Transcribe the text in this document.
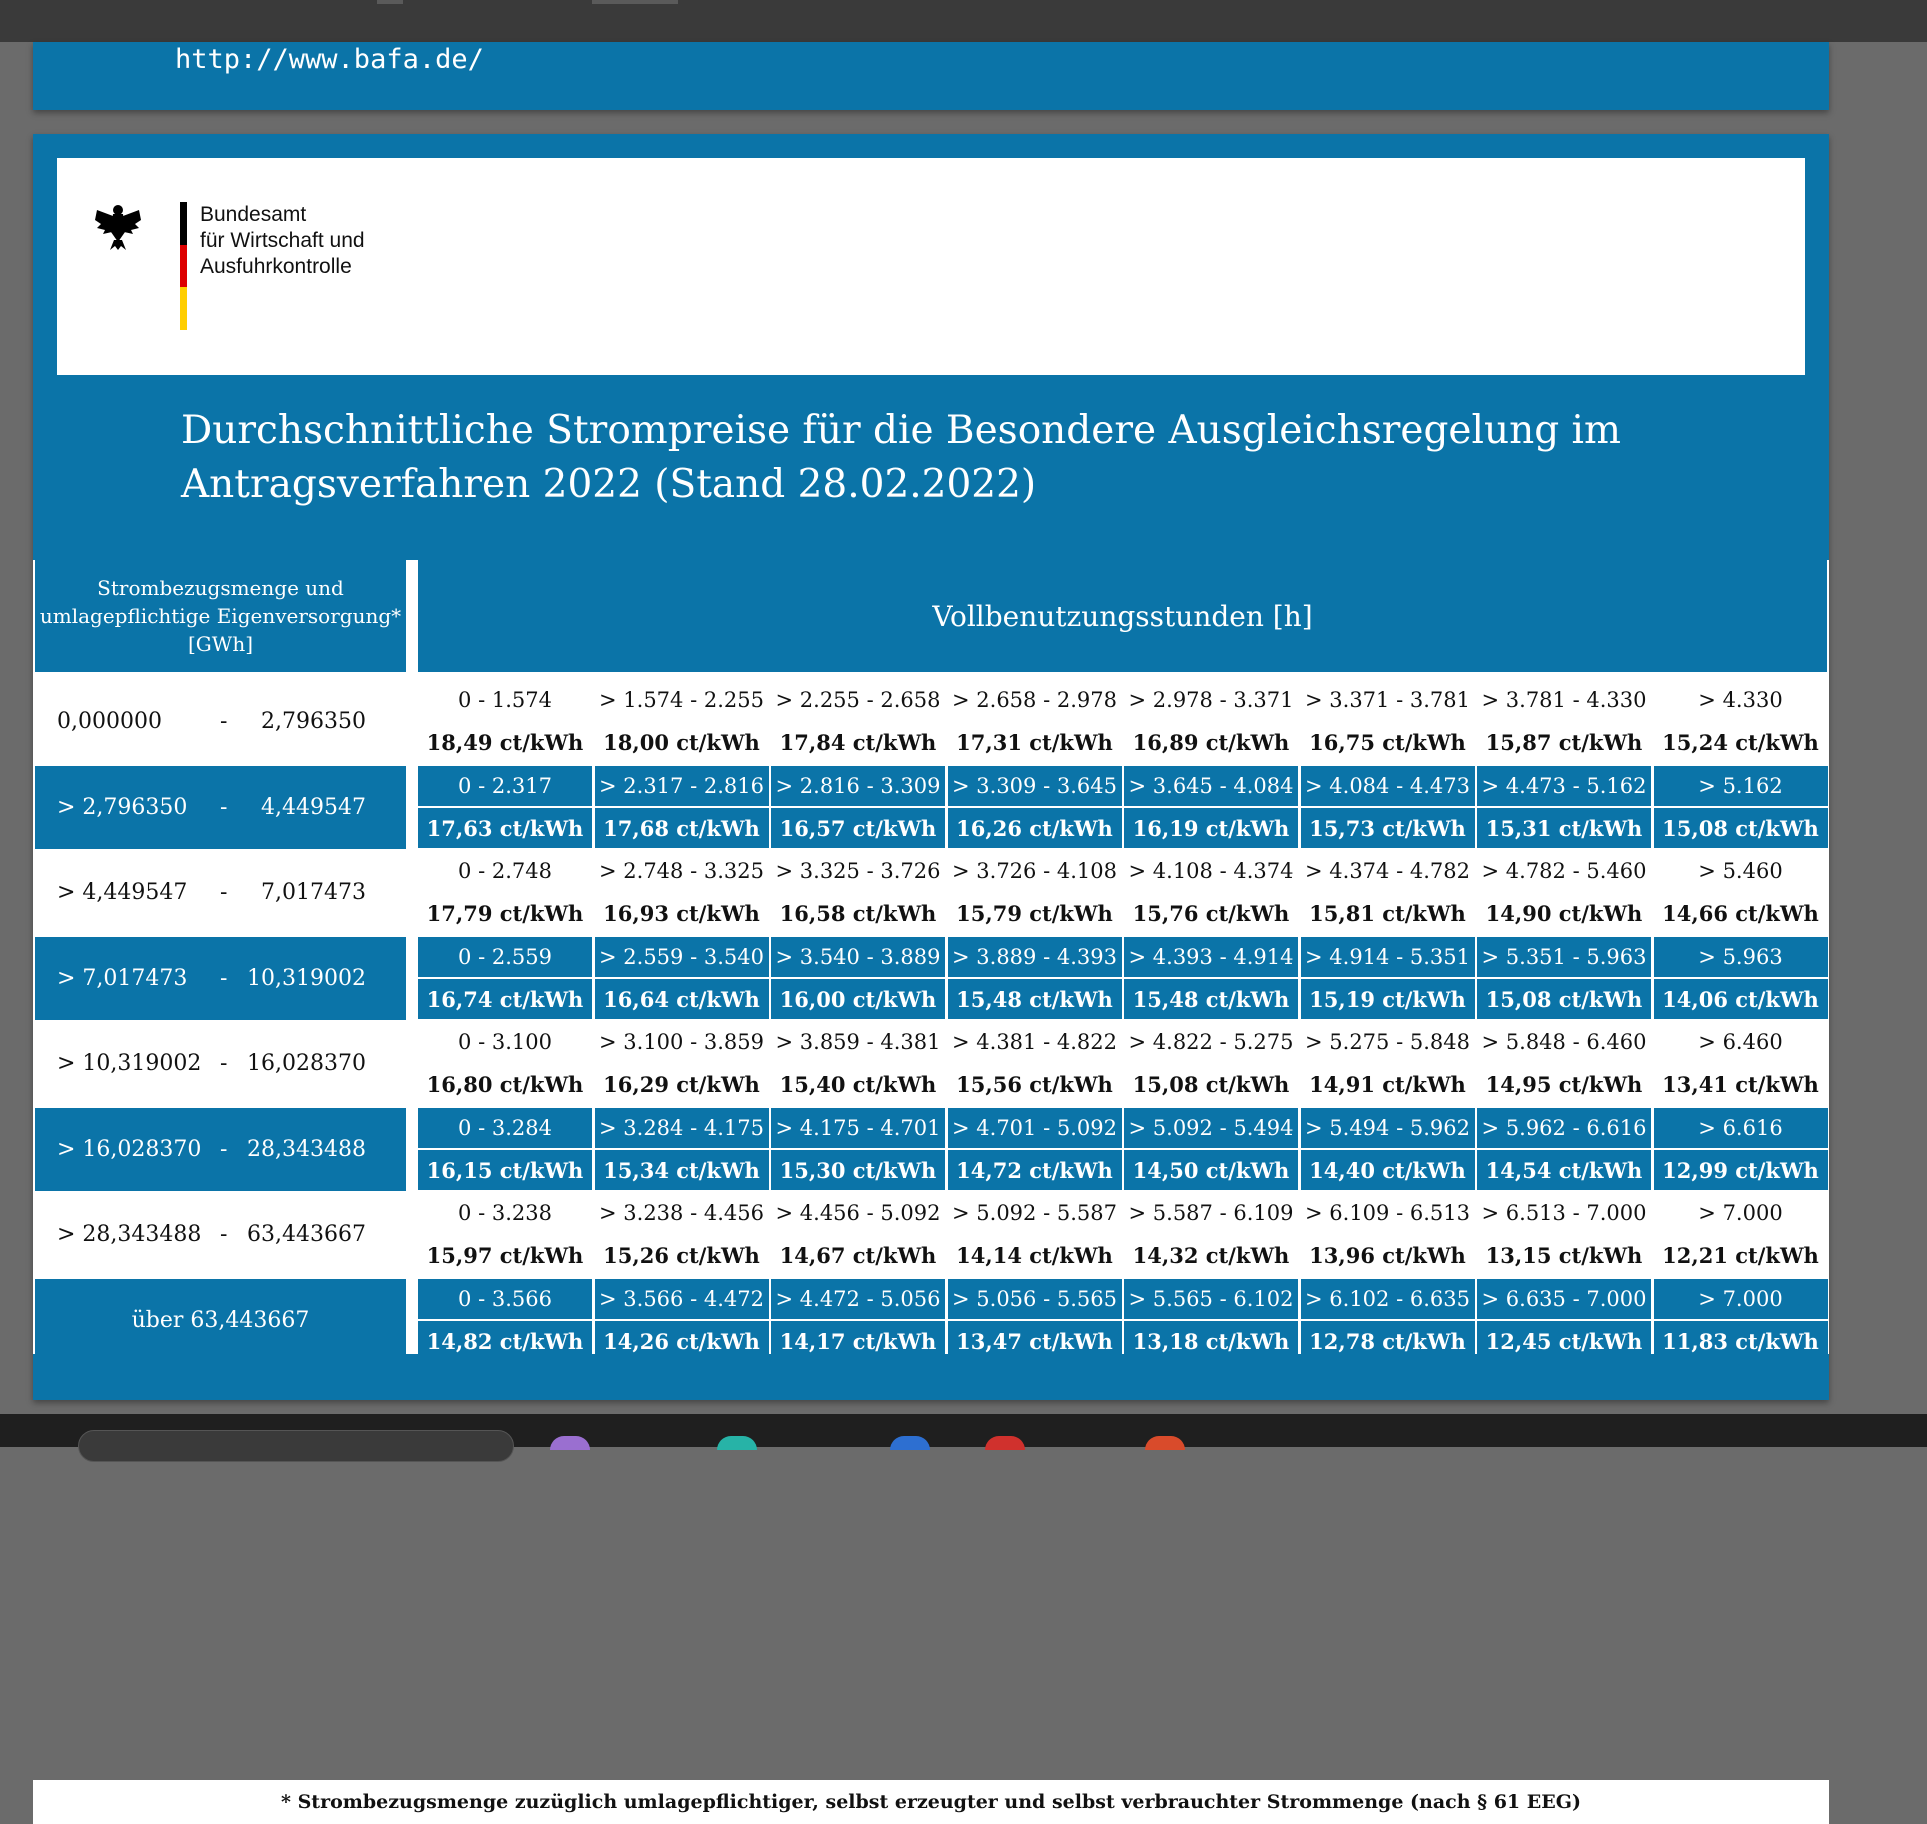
http://www.bafa.de/
Bundesamt
für Wirtschaft und
Ausfuhrkontrolle
Durchschnittliche Strompreise für die Besondere Ausgleichsregelung im
Antragsverfahren 2022 (Stand 28.02.2022)
Strombezugsmenge und
umlagepflichtige Eigenversorgung*
[GWh]
Vollbenutzungsstunden [h]
0,000000	- 2,796350
> 2,796350 - 4,449547
> 4,449547 - 7,017473
> 7,017473 - 10,319002
> 10,319002 - 16,028370
> 16,028370 - 28,343488
> 28,343488 - 63,443667
über 63,443667
0 - 1.574
18,49 ct/kWh
> 1.574 - 2.255
18,00 ct/kWh
> 2.255 - 2.658
17,84 ct/kWh
> 2.658 - 2.978
17,31 ct/kWh
> 2.978 - 3.371
16,89 ct/kWh
> 3.371 - 3.781
16,75 ct/kWh
> 3.781 - 4.330
15,87 ct/kWh
> 4.330
15,24 ct/kWh
0 - 2.317
17,63 ct/kWh
> 2.317 - 2.816
17,68 ct/kWh
> 2.816 - 3.309
16,57 ct/kWh
> 3.309 - 3.645
16,26 ct/kWh
> 3.645 - 4.084
16,19 ct/kWh
> 4.084 - 4.473
15,73 ct/kWh
> 4.473 - 5.162
15,31 ct/kWh
> 5.162
15,08 ct/kWh
0 - 2.748
17,79 ct/kWh
> 2.748 - 3.325
16,93 ct/kWh
> 3.325 - 3.726
16,58 ct/kWh
> 3.726 - 4.108
15,79 ct/kWh
> 4.108 - 4.374
15,76 ct/kWh
> 4.374 - 4.782
15,81 ct/kWh
> 4.782 - 5.460
14,90 ct/kWh
> 5.460
14,66 ct/kWh
0 - 2.559
16,74 ct/kWh
> 2.559 - 3.540
16,64 ct/kWh
> 3.540 - 3.889
16,00 ct/kWh
> 3.889 - 4.393
15,48 ct/kWh
> 4.393 - 4.914
15,48 ct/kWh
> 4.914 - 5.351
15,19 ct/kWh
> 5.351 - 5.963
15,08 ct/kWh
> 5.963
14,06 ct/kWh
0 - 3.100
16,80 ct/kWh
> 3.100 - 3.859
16,29 ct/kWh
> 3.859 - 4.381
15,40 ct/kWh
> 4.381 - 4.822
15,56 ct/kWh
> 4.822 - 5.275
15,08 ct/kWh
> 5.275 - 5.848
14,91 ct/kWh
> 5.848 - 6.460
14,95 ct/kWh
> 6.460
13,41 ct/kWh
0 - 3.284
16,15 ct/kWh
> 3.284 - 4.175
15,34 ct/kWh
> 4.175 - 4.701
15,30 ct/kWh
> 4.701 - 5.092
14,72 ct/kWh
> 5.092 - 5.494
14,50 ct/kWh
> 5.494 - 5.962
14,40 ct/kWh
> 5.962 - 6.616
14,54 ct/kWh
> 6.616
12,99 ct/kWh
0 - 3.238
15,97 ct/kWh
> 3.238 - 4.456
15,26 ct/kWh
> 4.456 - 5.092
14,67 ct/kWh
> 5.092 - 5.587
14,14 ct/kWh
> 5.587 - 6.109
14,32 ct/kWh
> 6.109 - 6.513
13,96 ct/kWh
> 6.513 - 7.000
13,15 ct/kWh
> 7.000
12,21 ct/kWh
0 - 3.566
14,82 ct/kWh
> 3.566 - 4.472
14,26 ct/kWh
> 4.472 - 5.056
14,17 ct/kWh
> 5.056 - 5.565
13,47 ct/kWh
> 5.565 - 6.102
13,18 ct/kWh
> 6.102 - 6.635
12,78 ct/kWh
> 6.635 - 7.000
12,45 ct/kWh
> 7.000
11,83 ct/kWh
* Strombezugsmenge zuzüglich umlagepflichtiger, selbst erzeugter und selbst verbrauchter Strommenge (nach § 61 EEG)
